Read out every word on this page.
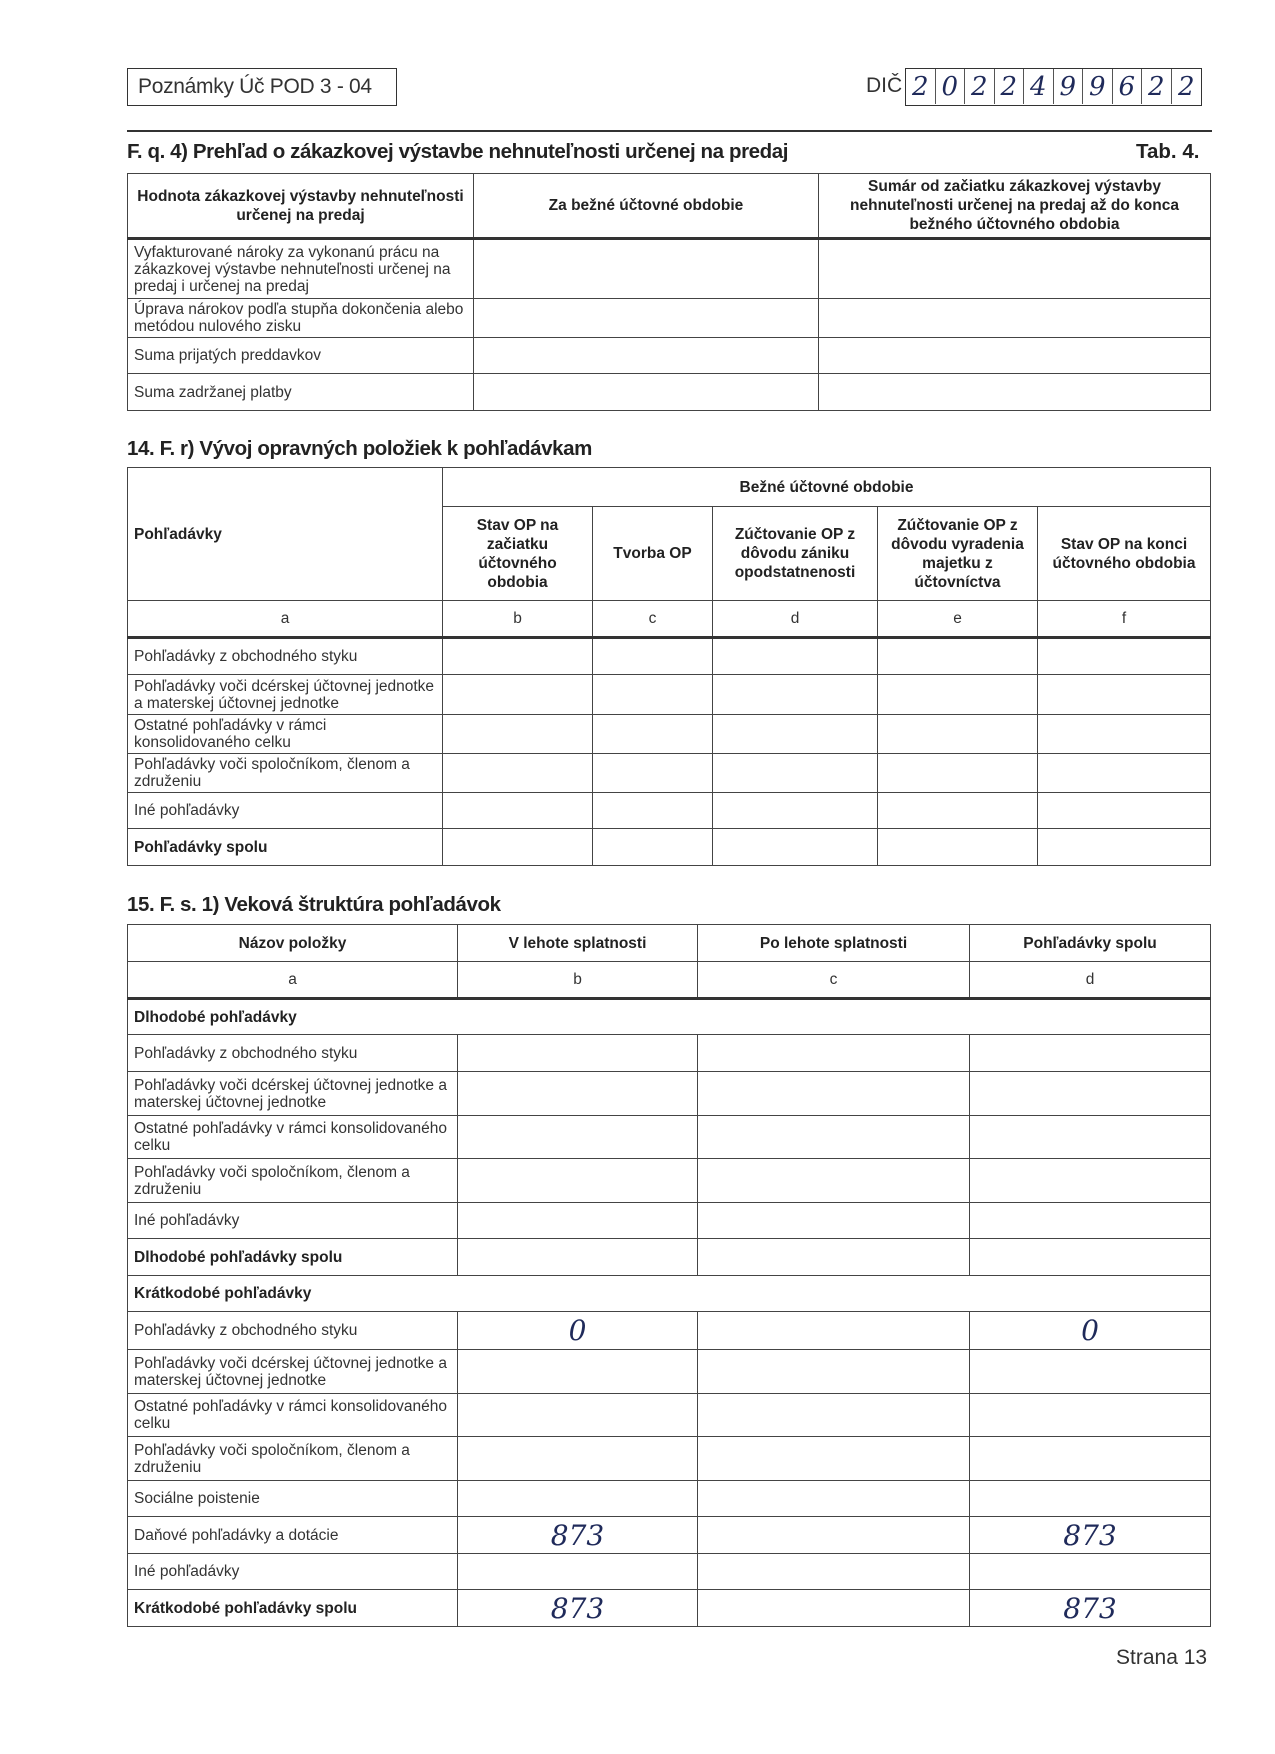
Poznámky Úč POD 3 - 04	DIČ 2 0 2 2 4 9 9 6 2 2
F. q. 4) Prehľad o zákazkovej výstavbe nehnuteľnosti určenej na predaj	Tab. 4.
Hodnota zákazkovej výstavby nehnuteľnosti určenej na predaj	Za bežné účtovné obdobie	Sumár od začiatku zákazkovej výstavby nehnuteľnosti určenej na predaj až do konca bežného účtovného obdobia
Vyfakturované nároky za vykonanú prácu na zákazkovej výstavbe nehnuteľnosti určenej na predaj i určenej na predaj		
Úprava nárokov podľa stupňa dokončenia alebo metódou nulového zisku		
Suma prijatých preddavkov		
Suma zadržanej platby		
14. F. r) Vývoj opravných položiek k pohľadávkam
Pohľadávky	Bežné účtovné obdobie				
	Stav OP na začiatku účtovného obdobia	Tvorba OP	Zúčtovanie OP z dôvodu zániku opodstatnenosti	Zúčtovanie OP z dôvodu vyradenia majetku z účtovníctva	Stav OP na konci účtovného obdobia
a	b	c	d	e	f
Pohľadávky z obchodného styku					
Pohľadávky voči dcérskej účtovnej jednotke a materskej účtovnej jednotke					
Ostatné pohľadávky v rámci konsolidovaného celku					
Pohľadávky voči spoločníkom, členom a združeniu					
Iné pohľadávky					
Pohľadávky spolu					
15. F. s. 1) Veková štruktúra pohľadávok
Názov položky	V lehote splatnosti	Po lehote splatnosti	Pohľadávky spolu
a	b	c	d
Dlhodobé pohľadávky			
Pohľadávky z obchodného styku			
Pohľadávky voči dcérskej účtovnej jednotke a materskej účtovnej jednotke			
Ostatné pohľadávky v rámci konsolidovaného celku			
Pohľadávky voči spoločníkom, členom a združeniu			
Iné pohľadávky			
Dlhodobé pohľadávky spolu			
Krátkodobé pohľadávky			
Pohľadávky z obchodného styku	0		0
Pohľadávky voči dcérskej účtovnej jednotke a materskej účtovnej jednotke			
Ostatné pohľadávky v rámci konsolidovaného celku			
Pohľadávky voči spoločníkom, členom a združeniu			
Sociálne poistenie			
Daňové pohľadávky a dotácie	873		873
Iné pohľadávky			
Krátkodobé pohľadávky spolu	873		873
Strana 13
